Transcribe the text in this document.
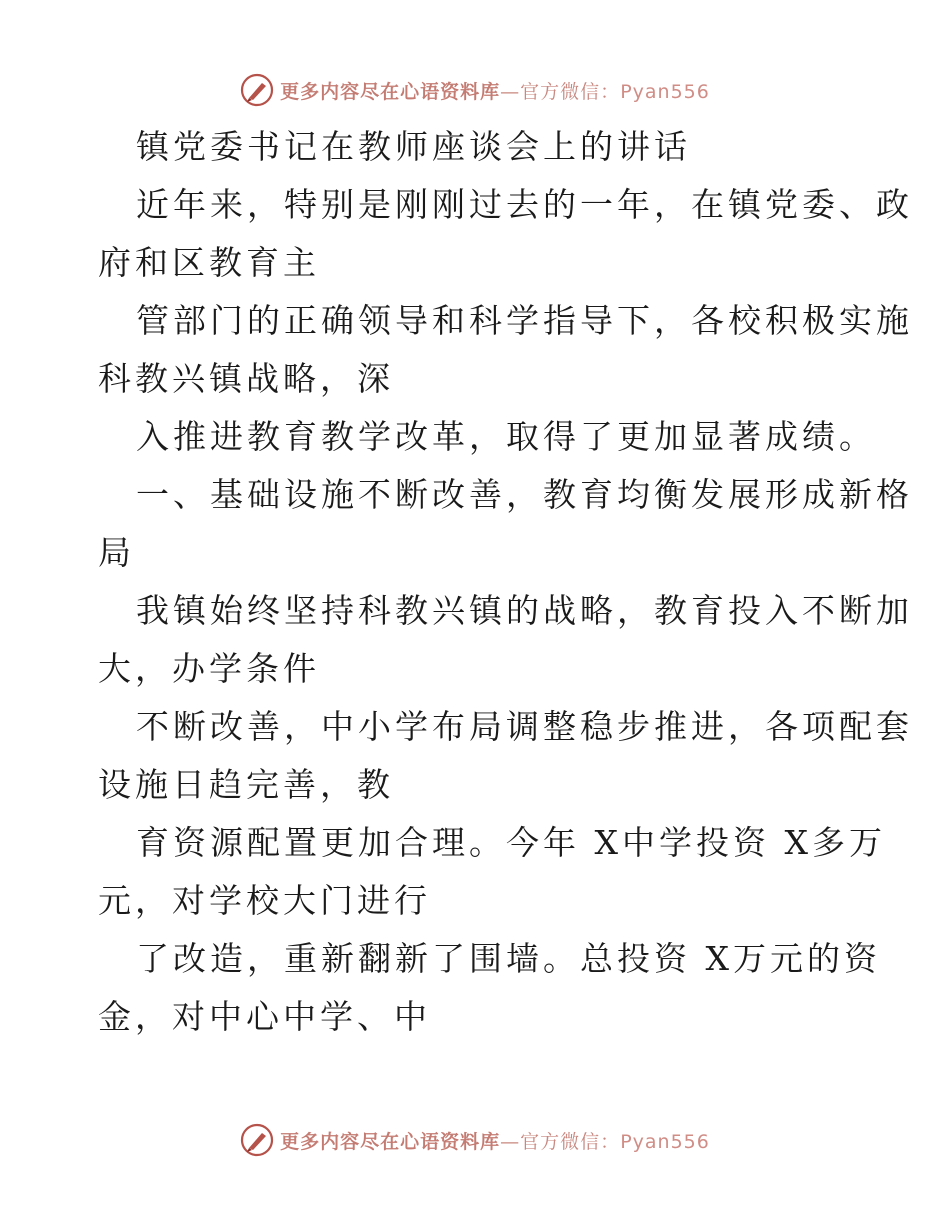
更多内容尽在心语资料库—官方微信：Pyan556
镇党委书记在教师座谈会上的讲话
近年来，特别是刚刚过去的一年，在镇党委、政
府和区教育主
管部门的正确领导和科学指导下，各校积极实施
科教兴镇战略，深
入推进教育教学改革，取得了更加显著成绩。
一、基础设施不断改善，教育均衡发展形成新格
局
我镇始终坚持科教兴镇的战略，教育投入不断加
大，办学条件
不断改善，中小学布局调整稳步推进，各项配套
设施日趋完善，教
育资源配置更加合理。今年 X中学投资 X多万
元，对学校大门进行
了改造，重新翻新了围墙。总投资 X万元的资
金，对中心中学、中
更多内容尽在心语资料库—官方微信：Pyan556
